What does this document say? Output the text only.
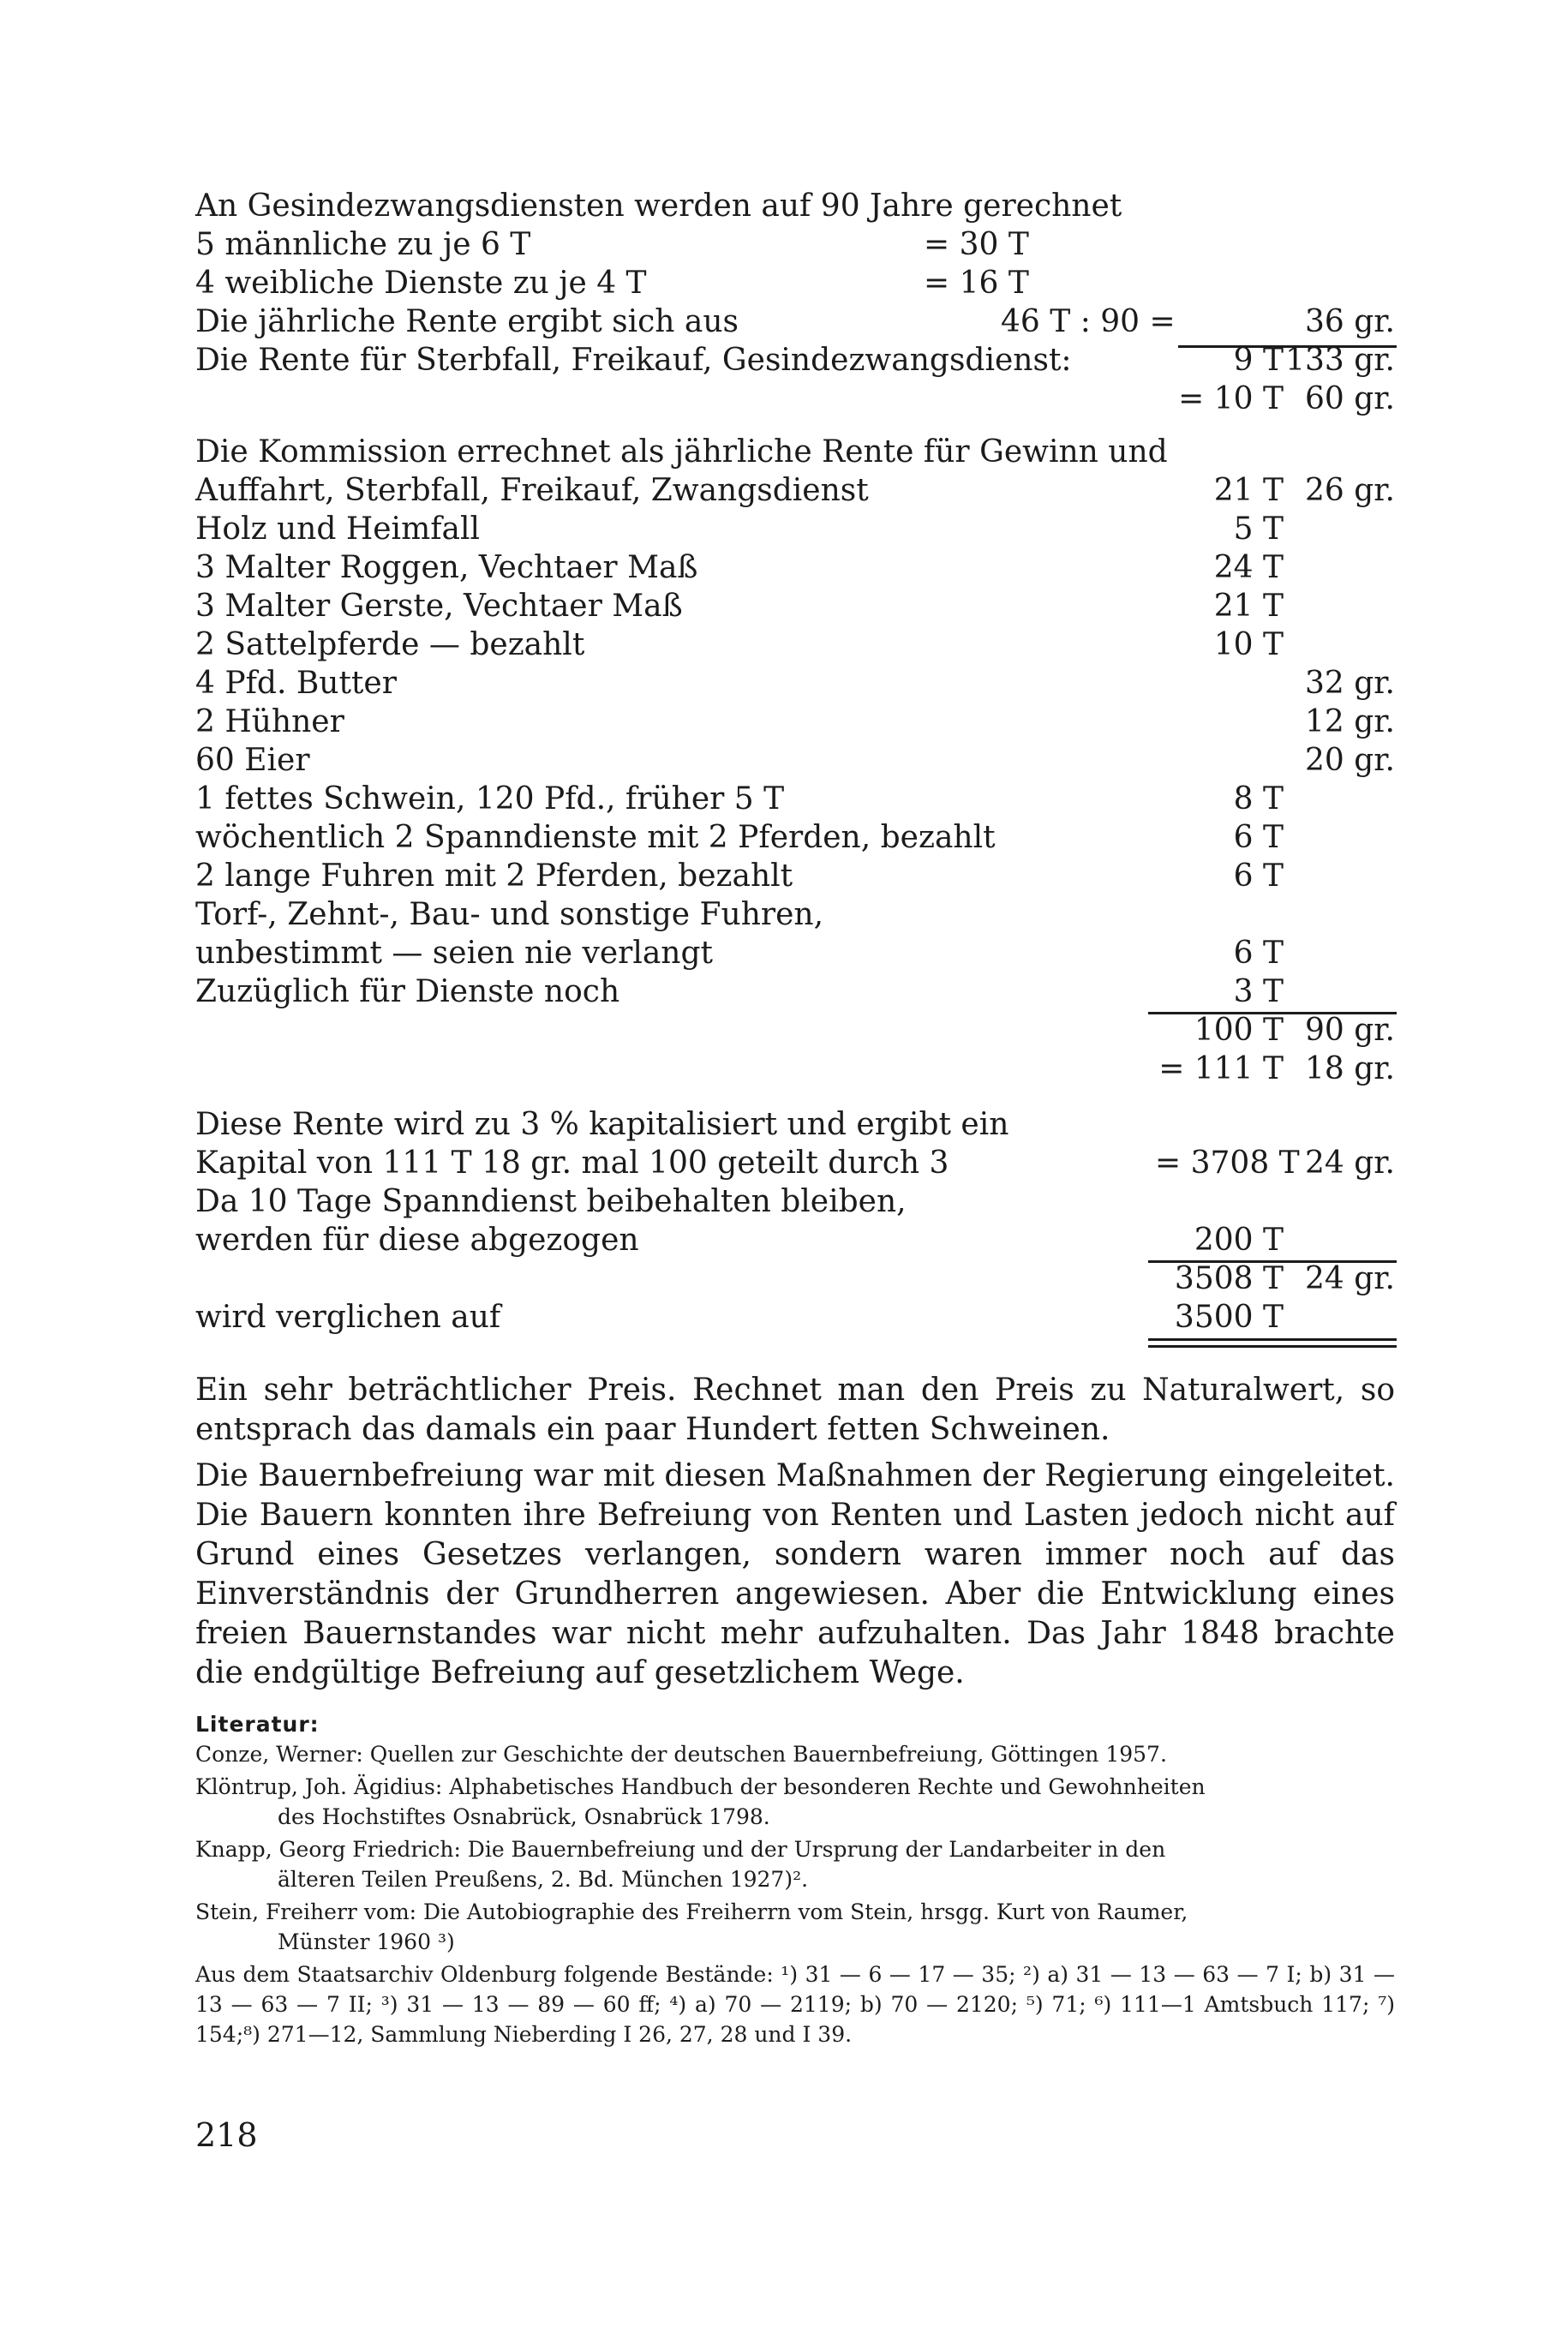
An Gesindezwangsdiensten werden auf 90 Jahre gerechnet
5 männliche zu je 6 T	= 30 T
4 weibliche Dienste zu je 4 T	= 16 T
Die jährliche Rente ergibt sich aus	46 T : 90 =	36 gr.
Die Rente für Sterbfall, Freikauf, Gesindezwangsdienst:	9 T 133 gr.
= 10 T 60 gr.
Die Kommission errechnet als jährliche Rente für Gewinn und
Auffahrt, Sterbfall, Freikauf, Zwangsdienst	21 T 26 gr.
Holz und Heimfall	5 T
3 Malter Roggen, Vechtaer Maß	24 T
3 Malter Gerste, Vechtaer Maß	21 T
2 Sattelpferde — bezahlt	10 T
4 Pfd. Butter	32 gr.
2 Hühner	12 gr.
60 Eier	20 gr.
1 fettes Schwein, 120 Pfd., früher 5 T	8 T
wöchentlich 2 Spanndienste mit 2 Pferden, bezahlt	6 T
2 lange Fuhren mit 2 Pferden, bezahlt	6 T
Torf-, Zehnt-, Bau- und sonstige Fuhren,
unbestimmt — seien nie verlangt	6 T
Zuzüglich für Dienste noch	3 T
100 T 90 gr.
= 111 T 18 gr.
Diese Rente wird zu 3 % kapitalisiert und ergibt ein
Kapital von 111 T 18 gr. mal 100 geteilt durch 3	= 3708 T 24 gr.
Da 10 Tage Spanndienst beibehalten bleiben,
werden für diese abgezogen	200 T
3508 T 24 gr.
wird verglichen auf	3500 T

Ein sehr beträchtlicher Preis. Rechnet man den Preis zu Naturalwert, so entsprach das damals ein paar Hundert fetten Schweinen.

Die Bauernbefreiung war mit diesen Maßnahmen der Regierung eingeleitet. Die Bauern konnten ihre Befreiung von Renten und Lasten jedoch nicht auf Grund eines Gesetzes verlangen, sondern waren immer noch auf das Einverständnis der Grundherren angewiesen. Aber die Entwicklung eines freien Bauernstandes war nicht mehr aufzuhalten. Das Jahr 1848 brachte die endgültige Befreiung auf gesetzlichem Wege.

Literatur:

Conze, Werner: Quellen zur Geschichte der deutschen Bauernbefreiung, Göttingen 1957.

Klöntrup, Joh. Ägidius: Alphabetisches Handbuch der besonderen Rechte und Gewohnheiten
des Hochstiftes Osnabrück, Osnabrück 1798.

Knapp, Georg Friedrich: Die Bauernbefreiung und der Ursprung der Landarbeiter in den
älteren Teilen Preußens, 2. Bd. München 1927)².

Stein, Freiherr vom: Die Autobiographie des Freiherrn vom Stein, hrsgg. Kurt von Raumer,
Münster 1960 ³)

Aus dem Staatsarchiv Oldenburg folgende Bestände: ¹) 31 — 6 — 17 — 35; ²) a) 31 — 13 — 63 — 7 I; b) 31 — 13 — 63 — 7 II; ³) 31 — 13 — 89 — 60 ff; ⁴) a) 70 — 2119; b) 70 — 2120; ⁵) 71; ⁶) 111—1 Amtsbuch 117; ⁷) 154;⁸) 271—12, Sammlung Nieberding I 26, 27, 28 und I 39.

218
